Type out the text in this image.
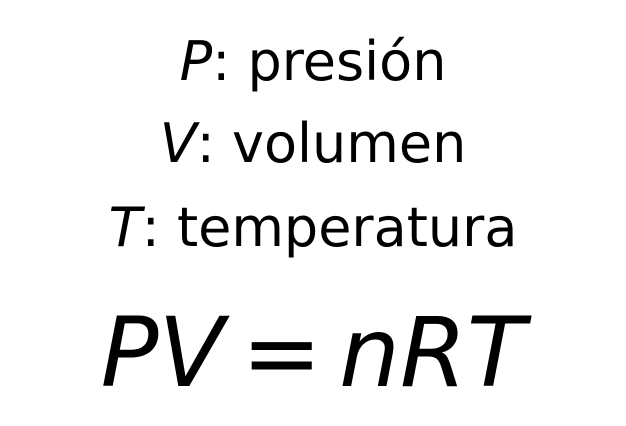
P: presión
V: volumen
T: temperatura
PV = nRT
